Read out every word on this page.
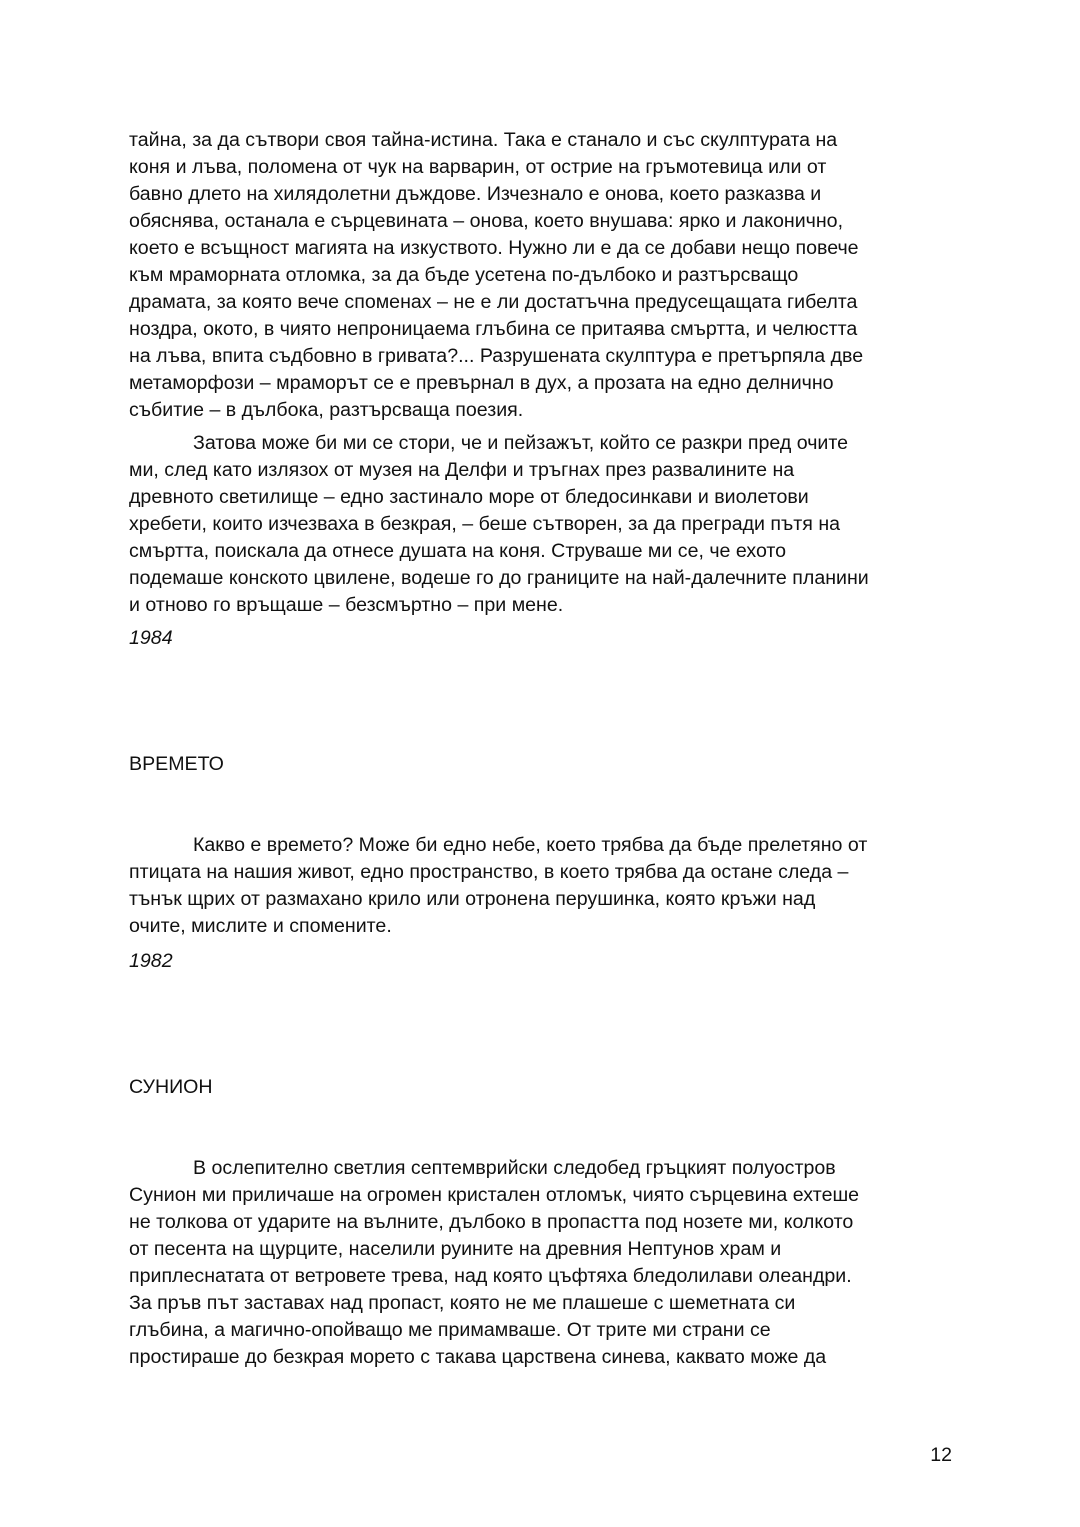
тайна, за да сътвори своя тайна-истина. Така е станало и със скулптурата на
коня и лъва, поломена от чук на варварин, от острие на гръмотевица или от
бавно длето на хилядолетни дъждове. Изчезнало е онова, което разказва и
обяснява, останала е сърцевината – онова, което внушава: ярко и лаконично,
което е всъщност магията на изкуството. Нужно ли е да се добави нещо повече
към мраморната отломка, за да бъде усетена по-дълбоко и разтърсващо
драмата, за която вече споменах – не е ли достатъчна предусещащата гибелта
ноздра, окото, в чиято непроницаема глъбина се притаява смъртта, и челюстта
на лъва, впита съдбовно в гривата?... Разрушената скулптура е претърпяла две
метаморфози – мраморът се е превърнал в дух, а прозата на едно делнично
събитие – в дълбока, разтърсваща поезия.

Затова може би ми се стори, че и пейзажът, който се разкри пред очите
ми, след като излязох от музея на Делфи и тръгнах през развалините на
древното светилище – едно застинало море от бледосинкави и виолетови
хребети, които изчезваха в безкрая, – беше сътворен, за да прегради пътя на
смъртта, поискала да отнесе душата на коня. Струваше ми се, че ехото
подемаше конското цвилене, водеше го до границите на най-далечните планини
и отново го връщаше – безсмъртно – при мене.

1984

ВРЕМЕТО

Какво е времето? Може би едно небе, което трябва да бъде прелетяно от
птицата на нашия живот, едно пространство, в което трябва да остане следа –
тънък щрих от размахано крило или отронена перушинка, която кръжи над
очите, мислите и спомените.

1982

СУНИОН

В ослепително светлия септемврийски следобед гръцкият полуостров
Сунион ми приличаше на огромен кристален отломък, чиято сърцевина ехтеше
не толкова от ударите на вълните, дълбоко в пропастта под нозете ми, колкото
от песента на щурците, населили руините на древния Нептунов храм и
приплеснатата от ветровете трева, над която цъфтяха бледолилави олеандри.
За пръв път заставах над пропаст, която не ме плашеше с шеметната си
глъбина, а магично-опойващо ме примамваше. От трите ми страни се
простираше до безкрая морето с такава царствена синева, каквато може да

12
